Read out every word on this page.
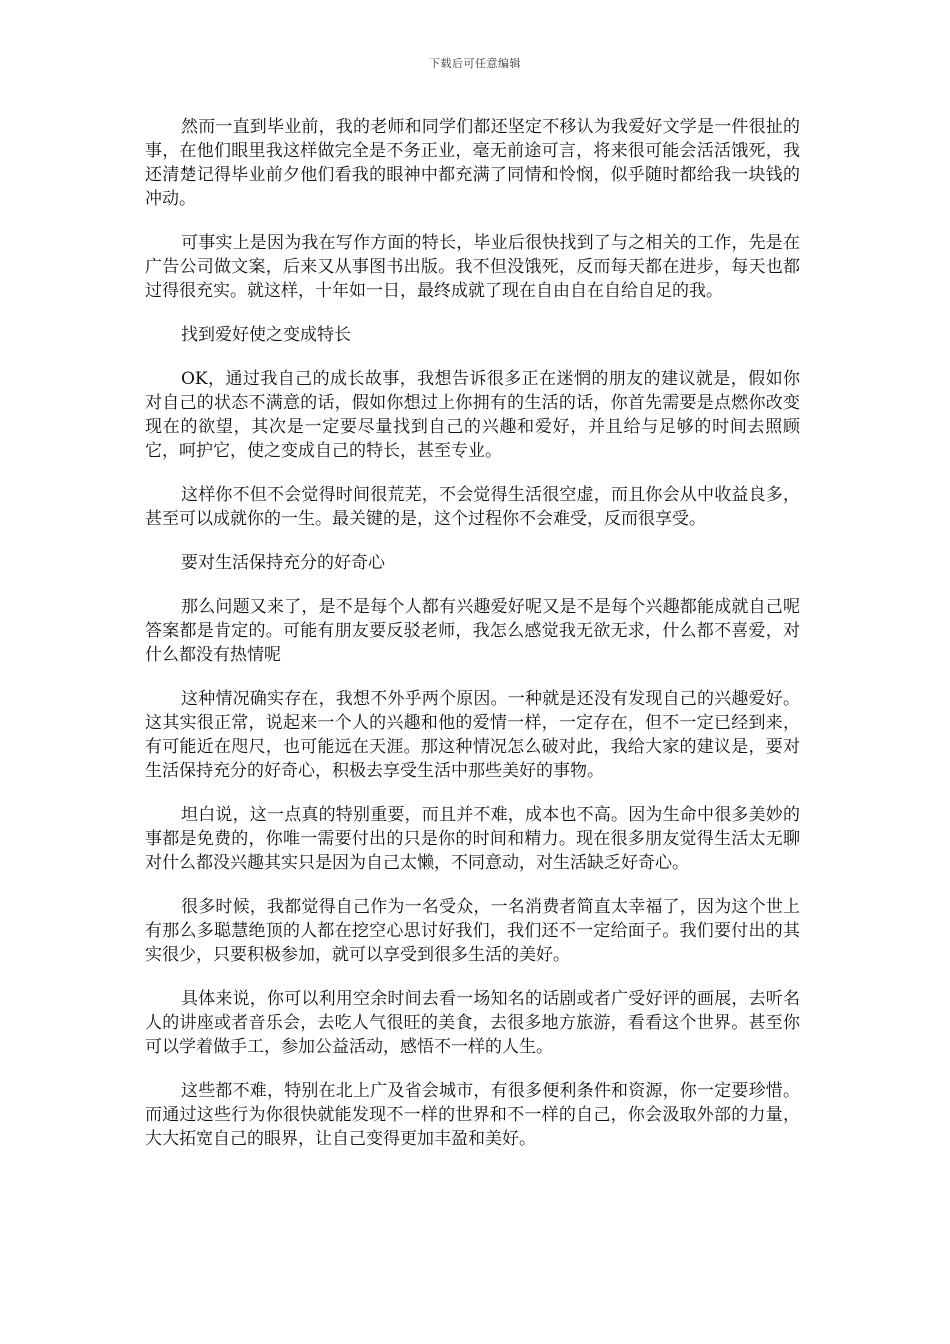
下载后可任意编辑

然而一直到毕业前，我的老师和同学们都还坚定不移认为我爱好文学是一件很扯的事，在他们眼里我这样做完全是不务正业，毫无前途可言，将来很可能会活活饿死，我还清楚记得毕业前夕他们看我的眼神中都充满了同情和怜悯，似乎随时都给我一块钱的冲动。

可事实上是因为我在写作方面的特长，毕业后很快找到了与之相关的工作，先是在广告公司做文案，后来又从事图书出版。我不但没饿死，反而每天都在进步，每天也都过得很充实。就这样，十年如一日，最终成就了现在自由自在自给自足的我。

找到爱好使之变成特长

OK，通过我自己的成长故事，我想告诉很多正在迷惘的朋友的建议就是，假如你对自己的状态不满意的话，假如你想过上你拥有的生活的话，你首先需要是点燃你改变现在的欲望，其次是一定要尽量找到自己的兴趣和爱好，并且给与足够的时间去照顾它，呵护它，使之变成自己的特长，甚至专业。

这样你不但不会觉得时间很荒芜，不会觉得生活很空虚，而且你会从中收益良多，甚至可以成就你的一生。最关键的是，这个过程你不会难受，反而很享受。

要对生活保持充分的好奇心

那么问题又来了，是不是每个人都有兴趣爱好呢又是不是每个兴趣都能成就自己呢答案都是肯定的。可能有朋友要反驳老师，我怎么感觉我无欲无求，什么都不喜爱，对什么都没有热情呢

这种情况确实存在，我想不外乎两个原因。一种就是还没有发现自己的兴趣爱好。这其实很正常，说起来一个人的兴趣和他的爱情一样，一定存在，但不一定已经到来，有可能近在咫尺，也可能远在天涯。那这种情况怎么破对此，我给大家的建议是，要对生活保持充分的好奇心，积极去享受生活中那些美好的事物。

坦白说，这一点真的特别重要，而且并不难，成本也不高。因为生命中很多美妙的事都是免费的，你唯一需要付出的只是你的时间和精力。现在很多朋友觉得生活太无聊对什么都没兴趣其实只是因为自己太懒，不同意动，对生活缺乏好奇心。

很多时候，我都觉得自己作为一名受众，一名消费者简直太幸福了，因为这个世上有那么多聪慧绝顶的人都在挖空心思讨好我们，我们还不一定给面子。我们要付出的其实很少，只要积极参加，就可以享受到很多生活的美好。

具体来说，你可以利用空余时间去看一场知名的话剧或者广受好评的画展，去听名人的讲座或者音乐会，去吃人气很旺的美食，去很多地方旅游，看看这个世界。甚至你可以学着做手工，参加公益活动，感悟不一样的人生。

这些都不难，特别在北上广及省会城市，有很多便利条件和资源，你一定要珍惜。而通过这些行为你很快就能发现不一样的世界和不一样的自己，你会汲取外部的力量，大大拓宽自己的眼界，让自己变得更加丰盈和美好。
